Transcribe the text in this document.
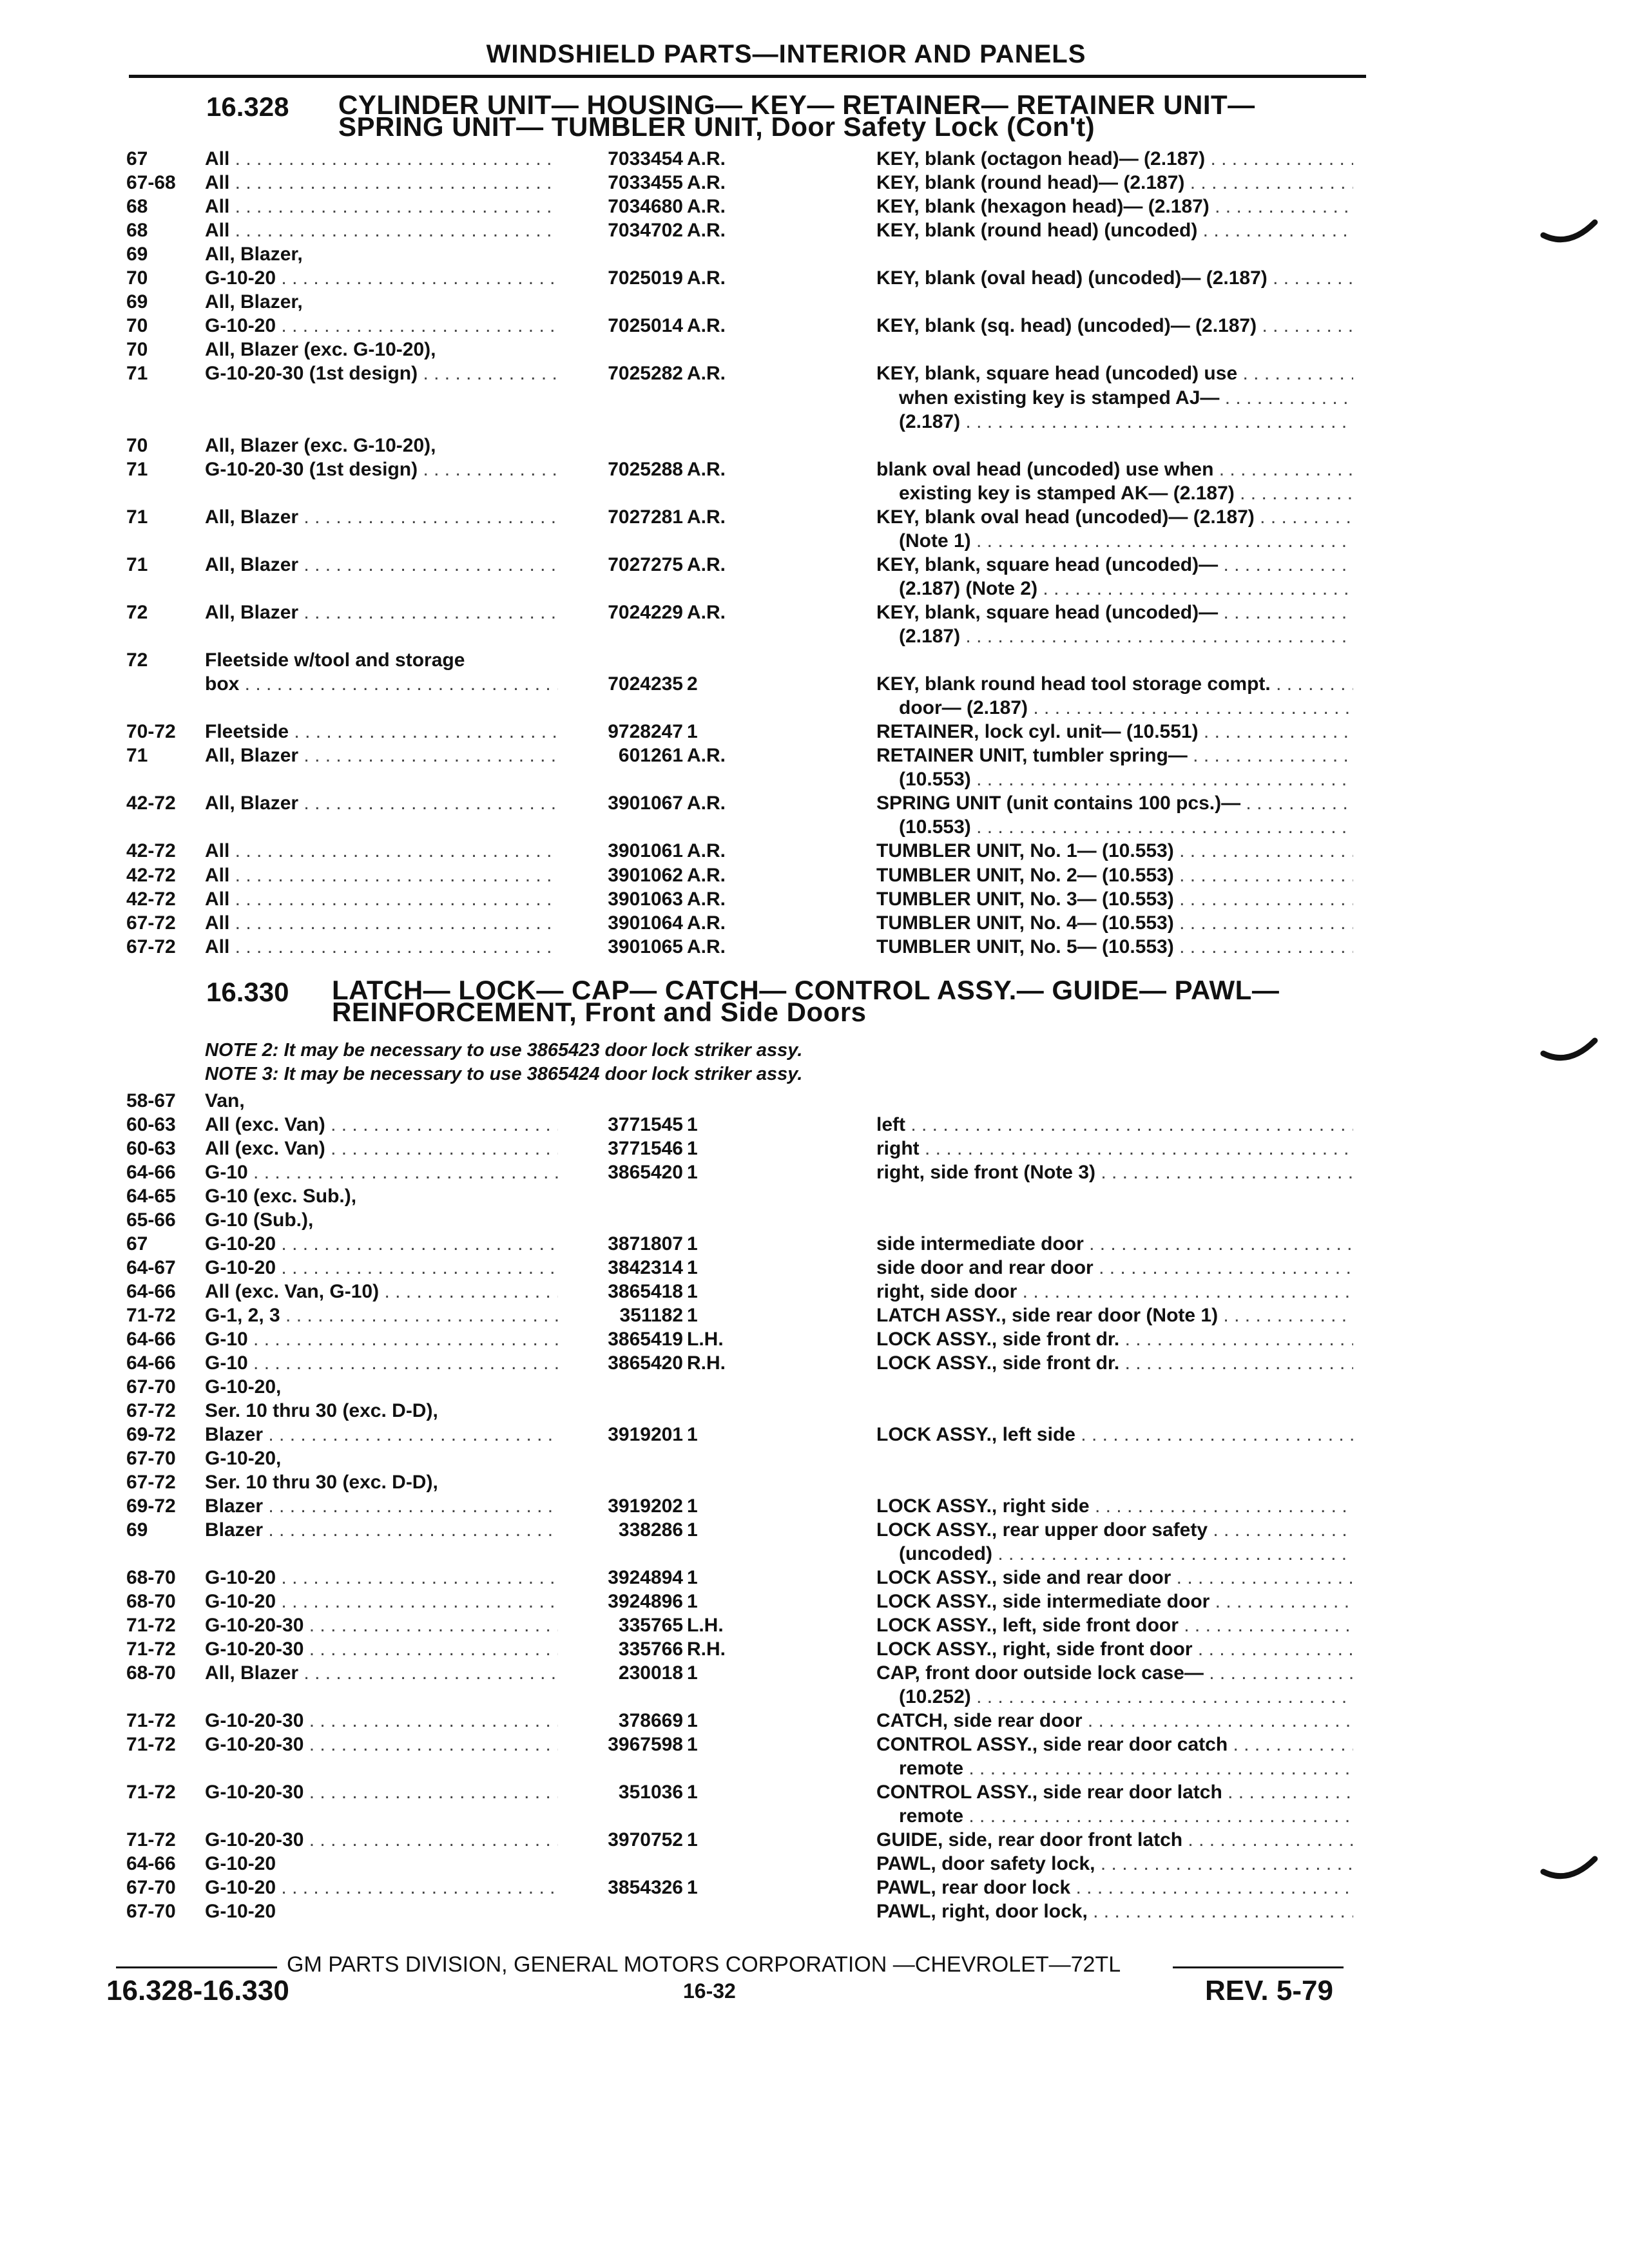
WINDSHIELD PARTS—INTERIOR AND PANELS
16.328 CYLINDER UNIT— HOUSING— KEY— RETAINER— RETAINER UNIT—
SPRING UNIT— TUMBLER UNIT, Door Safety Lock (Con't)
67	All . . .	7033454 A.R.	KEY, blank (octagon head)— (2.187) . . .
67-68 All . . .	7033455 A.R.	KEY, blank (round head)— (2.187) . . .
68	All . . .	7034680 A.R.	KEY, blank (hexagon head)— (2.187) . . .
68	All . . .	7034702 A.R.	KEY, blank (round head) (uncoded) . . .
69	All, Blazer,
70	G-10-20 . . .	7025019 A.R.	KEY, blank (oval head) (uncoded)— (2.187) . . .
69	All, Blazer,
70	G-10-20 . . .	7025014 A.R.	KEY, blank (sq. head) (uncoded)— (2.187) . . .
70	All, Blazer (exc. G-10-20),
71	G-10-20-30 (1st design) . . .	7025282 A.R.	KEY, blank, square head (uncoded) use . . .
when existing key is stamped AJ— . . .
(2.187) . . .
70	All, Blazer (exc. G-10-20),
71	G-10-20-30 (1st design) . . .	7025288 A.R.	blank oval head (uncoded) use when . . .
existing key is stamped AK— (2.187) . . .
71	All, Blazer . . .	7027281 A.R.	KEY, blank oval head (uncoded)— (2.187) . . .
(Note 1) . . .
71	All, Blazer . . .	7027275 A.R.	KEY, blank, square head (uncoded)— . . .
(2.187) (Note 2) . . .
72	All, Blazer . . .	7024229 A.R.	KEY, blank, square head (uncoded)— . . .
(2.187) . . .
72	Fleetside w/tool and storage
box . . .	7024235 2	KEY, blank round head tool storage compt. . . .
door— (2.187) . . .
70-72 Fleetside . . .	9728247 1	RETAINER, lock cyl. unit— (10.551) . . .
71	All, Blazer . . .	601261 A.R.	RETAINER UNIT, tumbler spring— . . .
(10.553) . . .
42-72 All, Blazer . . .	3901067 A.R.	SPRING UNIT (unit contains 100 pcs.)— . . .
(10.553) . . .
42-72 All . . .	3901061 A.R.	TUMBLER UNIT, No. 1— (10.553) . . .
42-72 All . . .	3901062 A.R.	TUMBLER UNIT, No. 2— (10.553) . . .
42-72 All . . .	3901063 A.R.	TUMBLER UNIT, No. 3— (10.553) . . .
67-72 All . . .	3901064 A.R.	TUMBLER UNIT, No. 4— (10.553) . . .
67-72 All . . .	3901065 A.R.	TUMBLER UNIT, No. 5— (10.553) . . .
16.330 LATCH— LOCK— CAP— CATCH— CONTROL ASSY.— GUIDE— PAWL—
REINFORCEMENT, Front and Side Doors
NOTE 2: It may be necessary to use 3865423 door lock striker assy.
NOTE 3: It may be necessary to use 3865424 door lock striker assy.
58-67 Van,
60-63 All (exc. Van) . . .	3771545 1	left . . .
60-63 All (exc. Van) . . .	3771546 1	right . . .
64-66 G-10 . . .	3865420 1	right, side front (Note 3) . . .
64-65 G-10 (exc. Sub.),
65-66 G-10 (Sub.),
67	G-10-20 . . .	3871807 1	side intermediate door . . .
64-67 G-10-20 . . .	3842314 1	side door and rear door . . .
64-66 All (exc. Van, G-10) . . .	3865418 1	right, side door . . .
71-72 G-1, 2, 3 . . .	351182 1	LATCH ASSY., side rear door (Note 1) . . .
64-66 G-10 . . .	3865419 L.H.	LOCK ASSY., side front dr. . . .
64-66 G-10 . . .	3865420 R.H.	LOCK ASSY., side front dr. . . .
67-70 G-10-20,
67-72 Ser. 10 thru 30 (exc. D-D),
69-72 Blazer . . .	3919201 1	LOCK ASSY., left side . . .
67-70 G-10-20,
67-72 Ser. 10 thru 30 (exc. D-D),
69-72 Blazer . . .	3919202 1	LOCK ASSY., right side . . .
69	Blazer . . .	338286 1	LOCK ASSY., rear upper door safety . . .
(uncoded) . . .
68-70 G-10-20 . . .	3924894 1	LOCK ASSY., side and rear door . . .
68-70 G-10-20 . . .	3924896 1	LOCK ASSY., side intermediate door . . .
71-72 G-10-20-30 . . .	335765 L.H.	LOCK ASSY., left, side front door . . .
71-72 G-10-20-30 . . .	335766 R.H.	LOCK ASSY., right, side front door . . .
68-70 All, Blazer . . .	230018 1	CAP, front door outside lock case— . . .
(10.252) . . .
71-72 G-10-20-30 . . .	378669 1	CATCH, side rear door . . .
71-72 G-10-20-30 . . .	3967598 1	CONTROL ASSY., side rear door catch . . .
remote . . .
71-72 G-10-20-30 . . .	351036 1	CONTROL ASSY., side rear door latch . . .
remote . . .
71-72 G-10-20-30 . . .	3970752 1	GUIDE, side, rear door front latch . . .
64-66 G-10-20	PAWL, door safety lock, . . .
67-70 G-10-20 . . .	3854326 1	PAWL, rear door lock . . .
67-70 G-10-20	PAWL, right, door lock, . . .
GM PARTS DIVISION, GENERAL MOTORS CORPORATION —CHEVROLET—72TL
16.328-16.330	16-32	REV. 5-79
